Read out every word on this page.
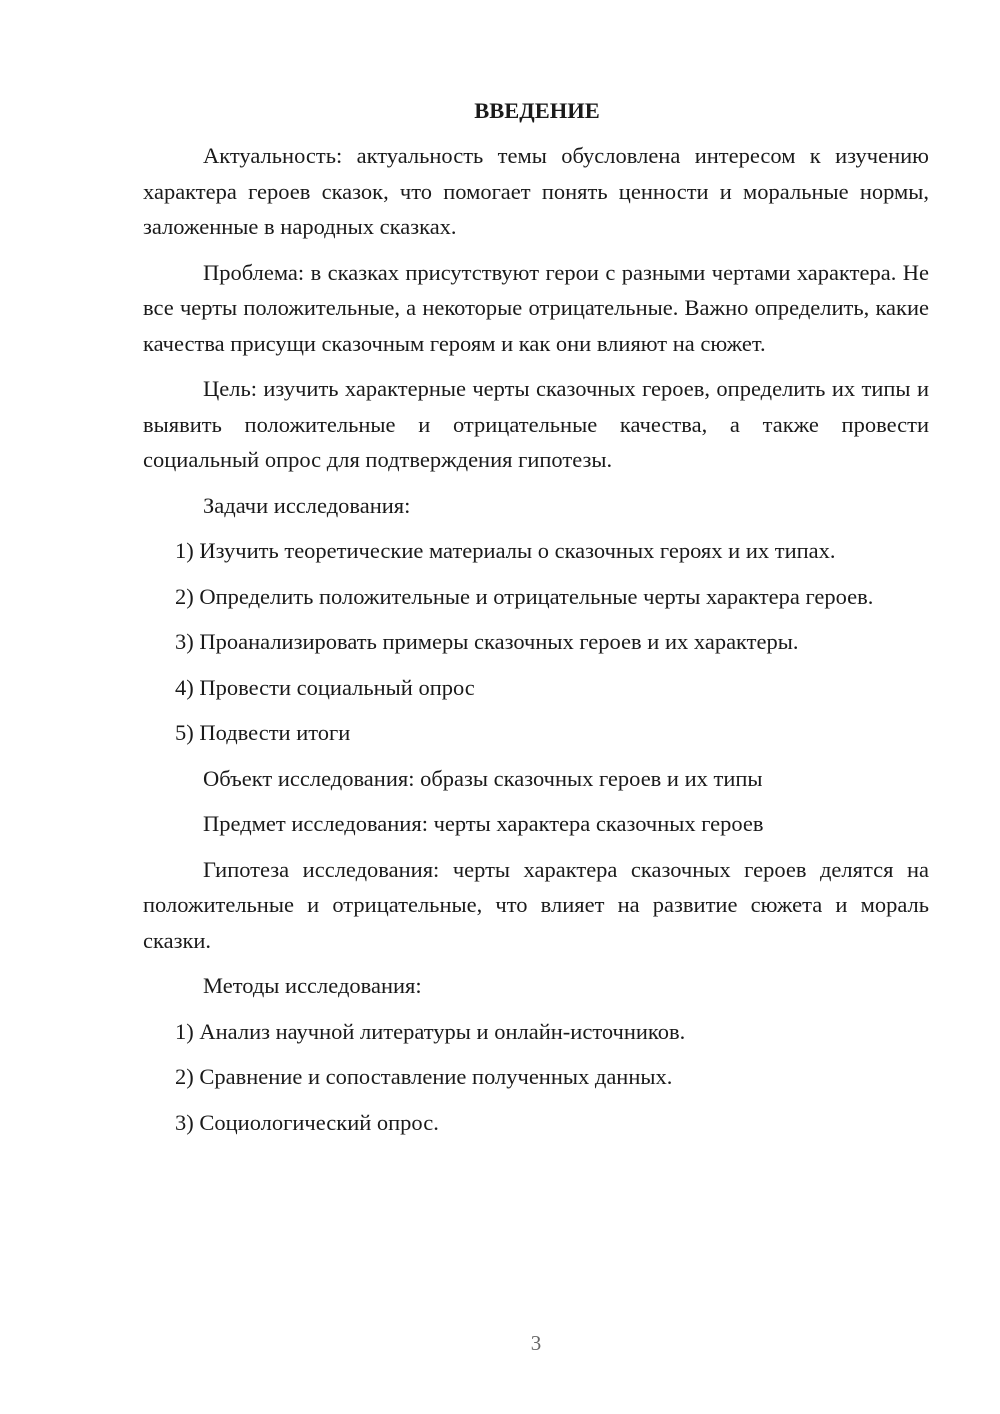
ВВЕДЕНИЕ

Актуальность: актуальность темы обусловлена интересом к изучению характера героев сказок, что помогает понять ценности и моральные нормы, заложенные в народных сказках.

Проблема: в сказках присутствуют герои с разными чертами характера. Не все черты положительные, а некоторые отрицательные. Важно определить, какие качества присущи сказочным героям и как они влияют на сюжет.

Цель: изучить характерные черты сказочных героев, определить их типы и выявить положительные и отрицательные качества, а также провести социальный опрос для подтверждения гипотезы.

Задачи исследования:

1) Изучить теоретические материалы о сказочных героях и их типах.

2) Определить положительные и отрицательные черты характера героев.

3) Проанализировать примеры сказочных героев и их характеры.

4) Провести социальный опрос

5) Подвести итоги

Объект исследования: образы сказочных героев и их типы

Предмет исследования: черты характера сказочных героев

Гипотеза исследования: черты характера сказочных героев делятся на положительные и отрицательные, что влияет на развитие сюжета и мораль сказки.

Методы исследования:

1) Анализ научной литературы и онлайн-источников.

2) Сравнение и сопоставление полученных данных.

3) Социологический опрос.

3
